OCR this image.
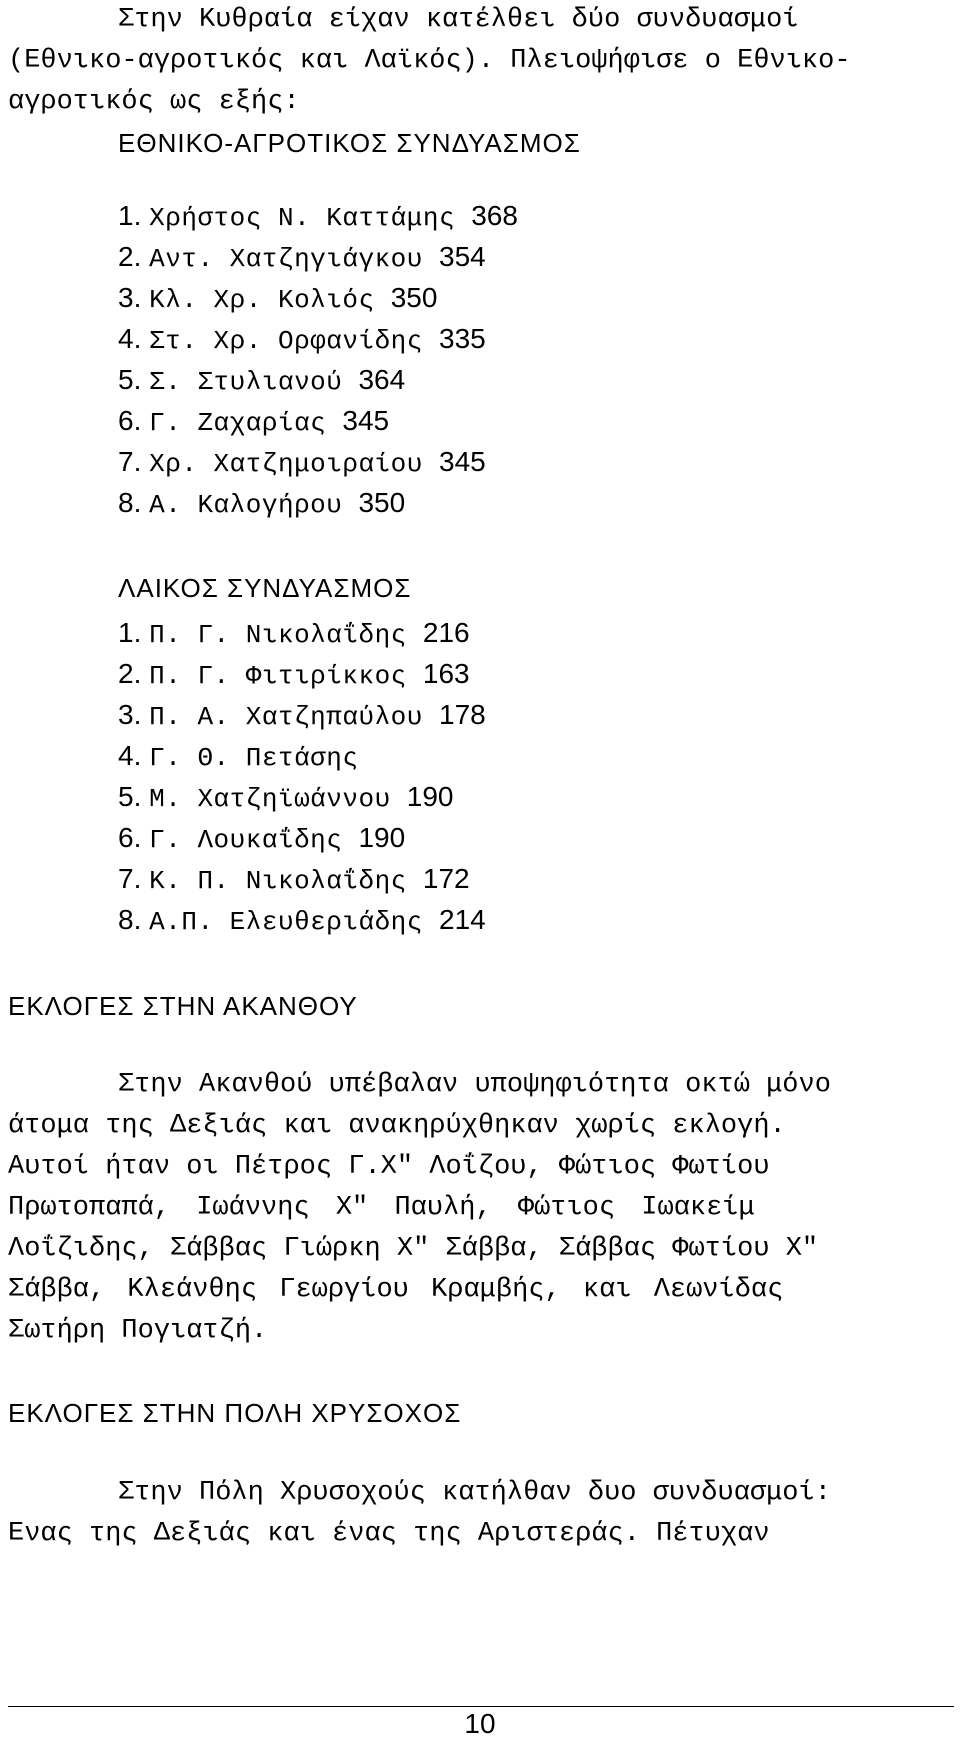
Στην Κυθραία είχαν κατέλθει δύο συνδυασμοί
(Εθνικο-αγροτικός και Λαϊκός). Πλειοψήφισε ο Εθνικο-
αγροτικός ως εξής:
ΕΘΝΙΚΟ-ΑΓΡΟΤΙΚΟΣ ΣΥΝΔΥΑΣΜΟΣ
1. Χρήστος Ν. Καττάμης 368
2. Αντ. Χατζηγιάγκου 354
3. Κλ. Χρ. Κολιός 350
4. Στ. Χρ. Ορφανίδης 335
5. Σ. Στυλιανού 364
6. Γ. Ζαχαρίας 345
7. Χρ. Χατζημοιραίου 345
8. Α. Καλογήρου 350
ΛΑΙΚΟΣ ΣΥΝΔΥΑΣΜΟΣ
1. Π. Γ. Νικολαΐδης 216
2. Π. Γ. Φιτιρίκκος 163
3. Π. Α. Χατζηπαύλου 178
4. Γ. Θ. Πετάσης
5. Μ. Χατζηϊωάννου 190
6. Γ. Λουκαΐδης 190
7. Κ. Π. Νικολαΐδης 172
8. Α.Π. Ελευθεριάδης 214
ΕΚΛΟΓΕΣ ΣΤΗΝ ΑΚΑΝΘΟΥ
Στην Ακανθού υπέβαλαν υποψηφιότητα οκτώ μόνο
άτομα της Δεξιάς και ανακηρύχθηκαν χωρίς εκλογή.
Αυτοί ήταν οι Πέτρος Γ.Χ" Λοΐζου, Φώτιος Φωτίου
Πρωτοπαπά, Ιωάννης Χ" Παυλή, Φώτιος Ιωακείμ
Λοΐζιδης, Σάββας Γιώρκη Χ" Σάββα, Σάββας Φωτίου Χ"
Σάββα, Κλεάνθης Γεωργίου Κραμβής, και Λεωνίδας
Σωτήρη Πογιατζή.
ΕΚΛΟΓΕΣ ΣΤΗΝ ΠΟΛΗ ΧΡΥΣΟΧΟΣ
Στην Πόλη Χρυσοχούς κατήλθαν δυο συνδυασμοί:
Ενας της Δεξιάς και ένας της Αριστεράς. Πέτυχαν
10
